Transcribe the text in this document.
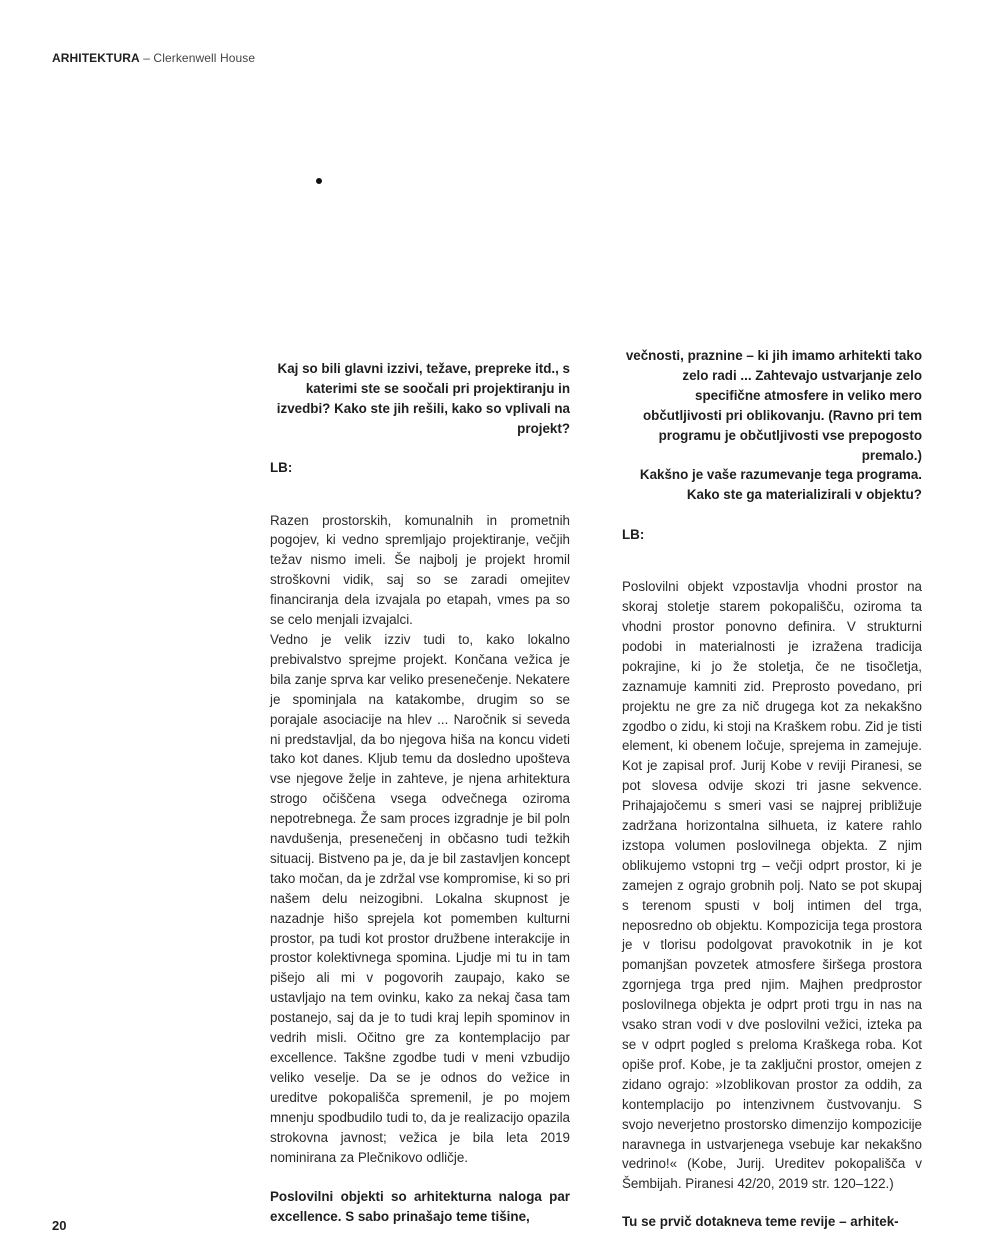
ARHITEKTURA – Clerkenwell House

Kaj so bili glavni izzivi, težave, prepreke itd., s katerimi ste se soočali pri projektiranju in izvedbi? Kako ste jih rešili, kako so vplivali na projekt?

LB:

Razen prostorskih, komunalnih in prometnih pogojev, ki vedno spremljajo projektiranje, večjih težav nismo imeli. Še najbolj je projekt hromil stroškovni vidik, saj so se zaradi omejitev financiranja dela izvajala po etapah, vmes pa so se celo menjali izvajalci.

Vedno je velik izziv tudi to, kako lokalno prebivalstvo sprejme projekt. Končana vežica je bila zanje sprva kar veliko presenečenje. Nekatere je spominjala na katakombe, drugim so se porajale asociacije na hlev ... Naročnik si seveda ni predstavljal, da bo njegova hiša na koncu videti tako kot danes. Kljub temu da dosledno upošteva vse njegove želje in zahteve, je njena arhitektura strogo očiščena vsega odvečnega oziroma nepotrebnega. Že sam proces izgradnje je bil poln navdušenja, presenečenj in občasno tudi težkih situacij. Bistveno pa je, da je bil zastavljen koncept tako močan, da je zdržal vse kompromise, ki so pri našem delu neizogibni. Lokalna skupnost je nazadnje hišo sprejela kot pomemben kulturni prostor, pa tudi kot prostor družbene interakcije in prostor kolektivnega spomina. Ljudje mi tu in tam pišejo ali mi v pogovorih zaupajo, kako se ustavljajo na tem ovinku, kako za nekaj časa tam postanejo, saj da je to tudi kraj lepih spominov in vedrih misli. Očitno gre za kontemplacijo par excellence. Takšne zgodbe tudi v meni vzbudijo veliko veselje. Da se je odnos do vežice in ureditve pokopališča spremenil, je po mojem mnenju spodbudilo tudi to, da je realizacijo opazila strokovna javnost; vežica je bila leta 2019 nominirana za Plečnikovo odličje.

Poslovilni objekti so arhitekturna naloga par excellence. S sabo prinašajo teme tišine,

večnosti, praznine – ki jih imamo arhitekti tako zelo radi ... Zahtevajo ustvarjanje zelo specifične atmosfere in veliko mero občutljivosti pri oblikovanju. (Ravno pri tem programu je občutljivosti vse prepogosto premalo.)

Kakšno je vaše razumevanje tega programa. Kako ste ga materializirali v objektu?

LB:

Poslovilni objekt vzpostavlja vhodni prostor na skoraj stoletje starem pokopališču, oziroma ta vhodni prostor ponovno definira. V strukturni podobi in materialnosti je izražena tradicija pokrajine, ki jo že stoletja, če ne tisočletja, zaznamuje kamniti zid. Preprosto povedano, pri projektu ne gre za nič drugega kot za nekakšno zgodbo o zidu, ki stoji na Kraškem robu. Zid je tisti element, ki obenem ločuje, sprejema in zamejuje. Kot je zapisal prof. Jurij Kobe v reviji Piranesi, se pot slovesa odvije skozi tri jasne sekvence. Prihajajočemu s smeri vasi se najprej približuje zadržana horizontalna silhueta, iz katere rahlo izstopa volumen poslovilnega objekta. Z njim oblikujemo vstopni trg – večji odprt prostor, ki je zamejen z ograjo grobnih polj. Nato se pot skupaj s terenom spusti v bolj intimen del trga, neposredno ob objektu. Kompozicija tega prostora je v tlorisu podolgovat pravokotnik in je kot pomanjšan povzetek atmosfere širšega prostora zgornjega trga pred njim. Majhen predprostor poslovilnega objekta je odprt proti trgu in nas na vsako stran vodi v dve poslovilni vežici, izteka pa se v odprt pogled s preloma Kraškega roba. Kot opiše prof. Kobe, je ta zaključni prostor, omejen z zidano ograjo: »Izoblikovan prostor za oddih, za kontemplacijo po intenzivnem čustvovanju. S svojo neverjetno prostorsko dimenzijo kompozicije naravnega in ustvarjenega vsebuje kar nekakšno vedrino!« (Kobe, Jurij. Ureditev pokopališča v Šembijah. Piranesi 42/20, 2019 str. 120–122.)

Tu se prvič dotakneva teme revije – arhitek-

20
